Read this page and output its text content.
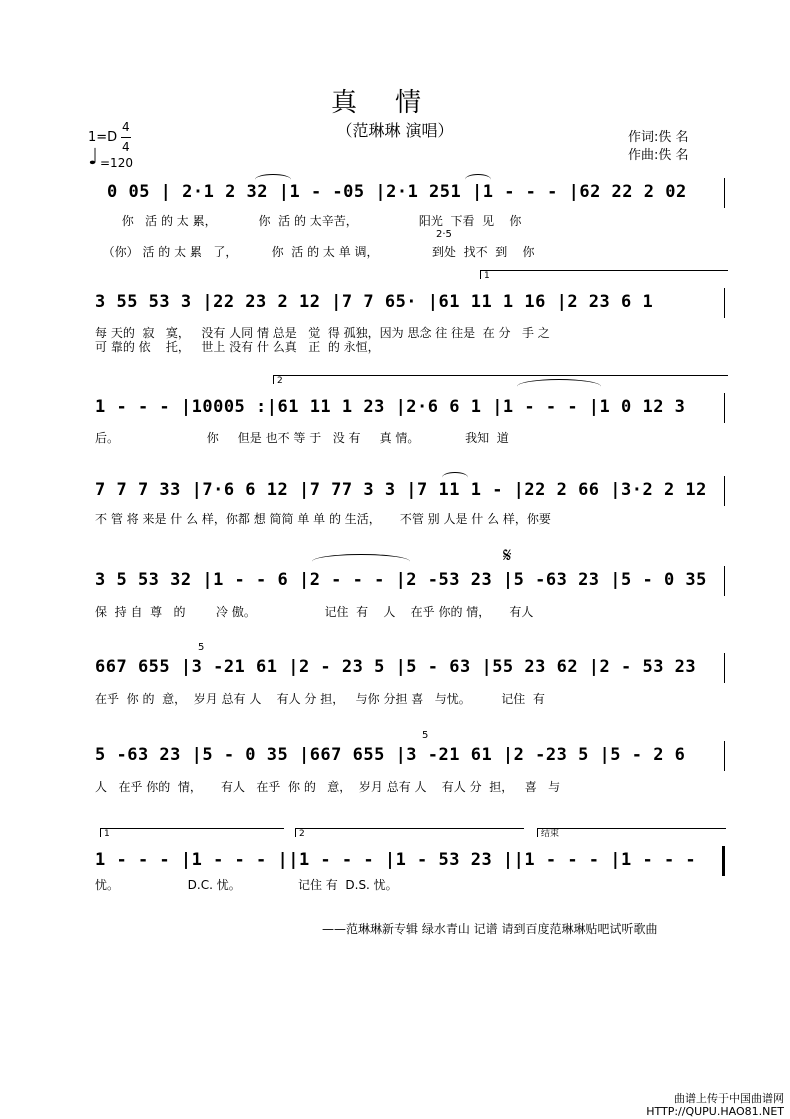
真情
（范琳琳 演唱）
1=D
4
4
♩ =120
作词:佚 名
作曲:佚 名
0 05 | 2·1 2 32 |1 - -05 |2·1 251 |1 - - - |62 22 2 02
你   活 的 太 累，           你  活 的 太辛苦，                阳光  下看  见    你
2·5
（你） 活 的 太 累   了，         你  活 的 太 单 调，              到处  找不  到    你
1
3 55 53 3 |22 23 2 12 |7 7 65· |61 11 1 16 |2 23 6 1
每 天的  寂   寞，   没有 人同 情 总是   觉  得 孤独，因为 思念 往 往是  在 分   手 之
可 靠的 依    托，   世上 没有 什 么真   正  的 永恒，
2
1 - - - |10005 :|61 11 1 23 |2·6 6 1 |1 - - - |1 0 12 3
后。                       你     但是 也不 等 于   没 有     真 情。            我知  道
7 7 7 33 |7·6 6 12 |7 77 3 3 |7 11 1 - |22 2 66 |3·2 2 12
不 管 将 来是 什 么 样，你都 想 简简 单 单 的 生活，     不管 别 人是 什 么 样，你要
𝄋
3 5 53 32 |1 - - 6 |2 - - - |2 -53 23 |5 -63 23 |5 - 0 35
保  持 自  尊   的        冷 傲。                  记住  有    人    在乎 你的 情，     有人
5
667 655 |3 -21 61 |2 - 23 5 |5 - 63 |55 23 62 |2 - 53 23
在乎  你 的  意，  岁月 总有 人    有人 分 担，   与你 分担 喜   与忧。        记住  有
5
5 -63 23 |5 - 0 35 |667 655 |3 -21 61 |2 -23 5 |5 - 2 6
人   在乎 你的  情，     有人   在乎  你 的   意，  岁月 总有 人    有人 分  担，   喜   与
1	2	结束
1 - - - |1 - - - ||1 - - - |1 - 53 23 ||1 - - - |1 - - -
忧。                  D.C. 忧。               记住 有  D.S. 忧。
——范琳琳新专辑 绿水青山 记谱 请到百度范琳琳贴吧试听歌曲
曲谱上传于中国曲谱网
HTTP://QUPU.HAO81.NET
